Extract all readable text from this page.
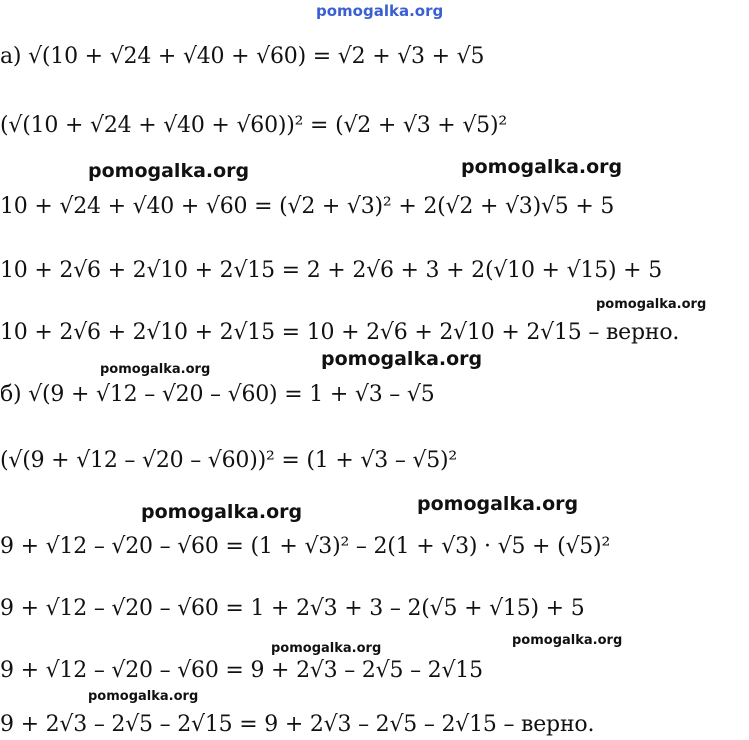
pomogalka.org
а) √(10 + √24 + √40 + √60) = √2 + √3 + √5
(√(10 + √24 + √40 + √60))² = (√2 + √3 + √5)²
10 + √24 + √40 + √60 = (√2 + √3)² + 2(√2 + √3)√5 + 5
10 + 2√6 + 2√10 + 2√15 = 2 + 2√6 + 3 + 2(√10 + √15) + 5
10 + 2√6 + 2√10 + 2√15 = 10 + 2√6 + 2√10 + 2√15 – верно.
б) √(9 + √12 – √20 – √60) = 1 + √3 – √5
(√(9 + √12 – √20 – √60))² = (1 + √3 – √5)²
9 + √12 – √20 – √60 = (1 + √3)² – 2(1 + √3) · √5 + (√5)²
9 + √12 – √20 – √60 = 1 + 2√3 + 3 – 2(√5 + √15) + 5
9 + √12 – √20 – √60 = 9 + 2√3 – 2√5 – 2√15
9 + 2√3 – 2√5 – 2√15 = 9 + 2√3 – 2√5 – 2√15 – верно.
pomogalka.org	pomogalka.org
pomogalka.org
pomogalka.org	pomogalka.org
pomogalka.org
pomogalka.org
pomogalka.org
pomogalka.org
pomogalka.org
